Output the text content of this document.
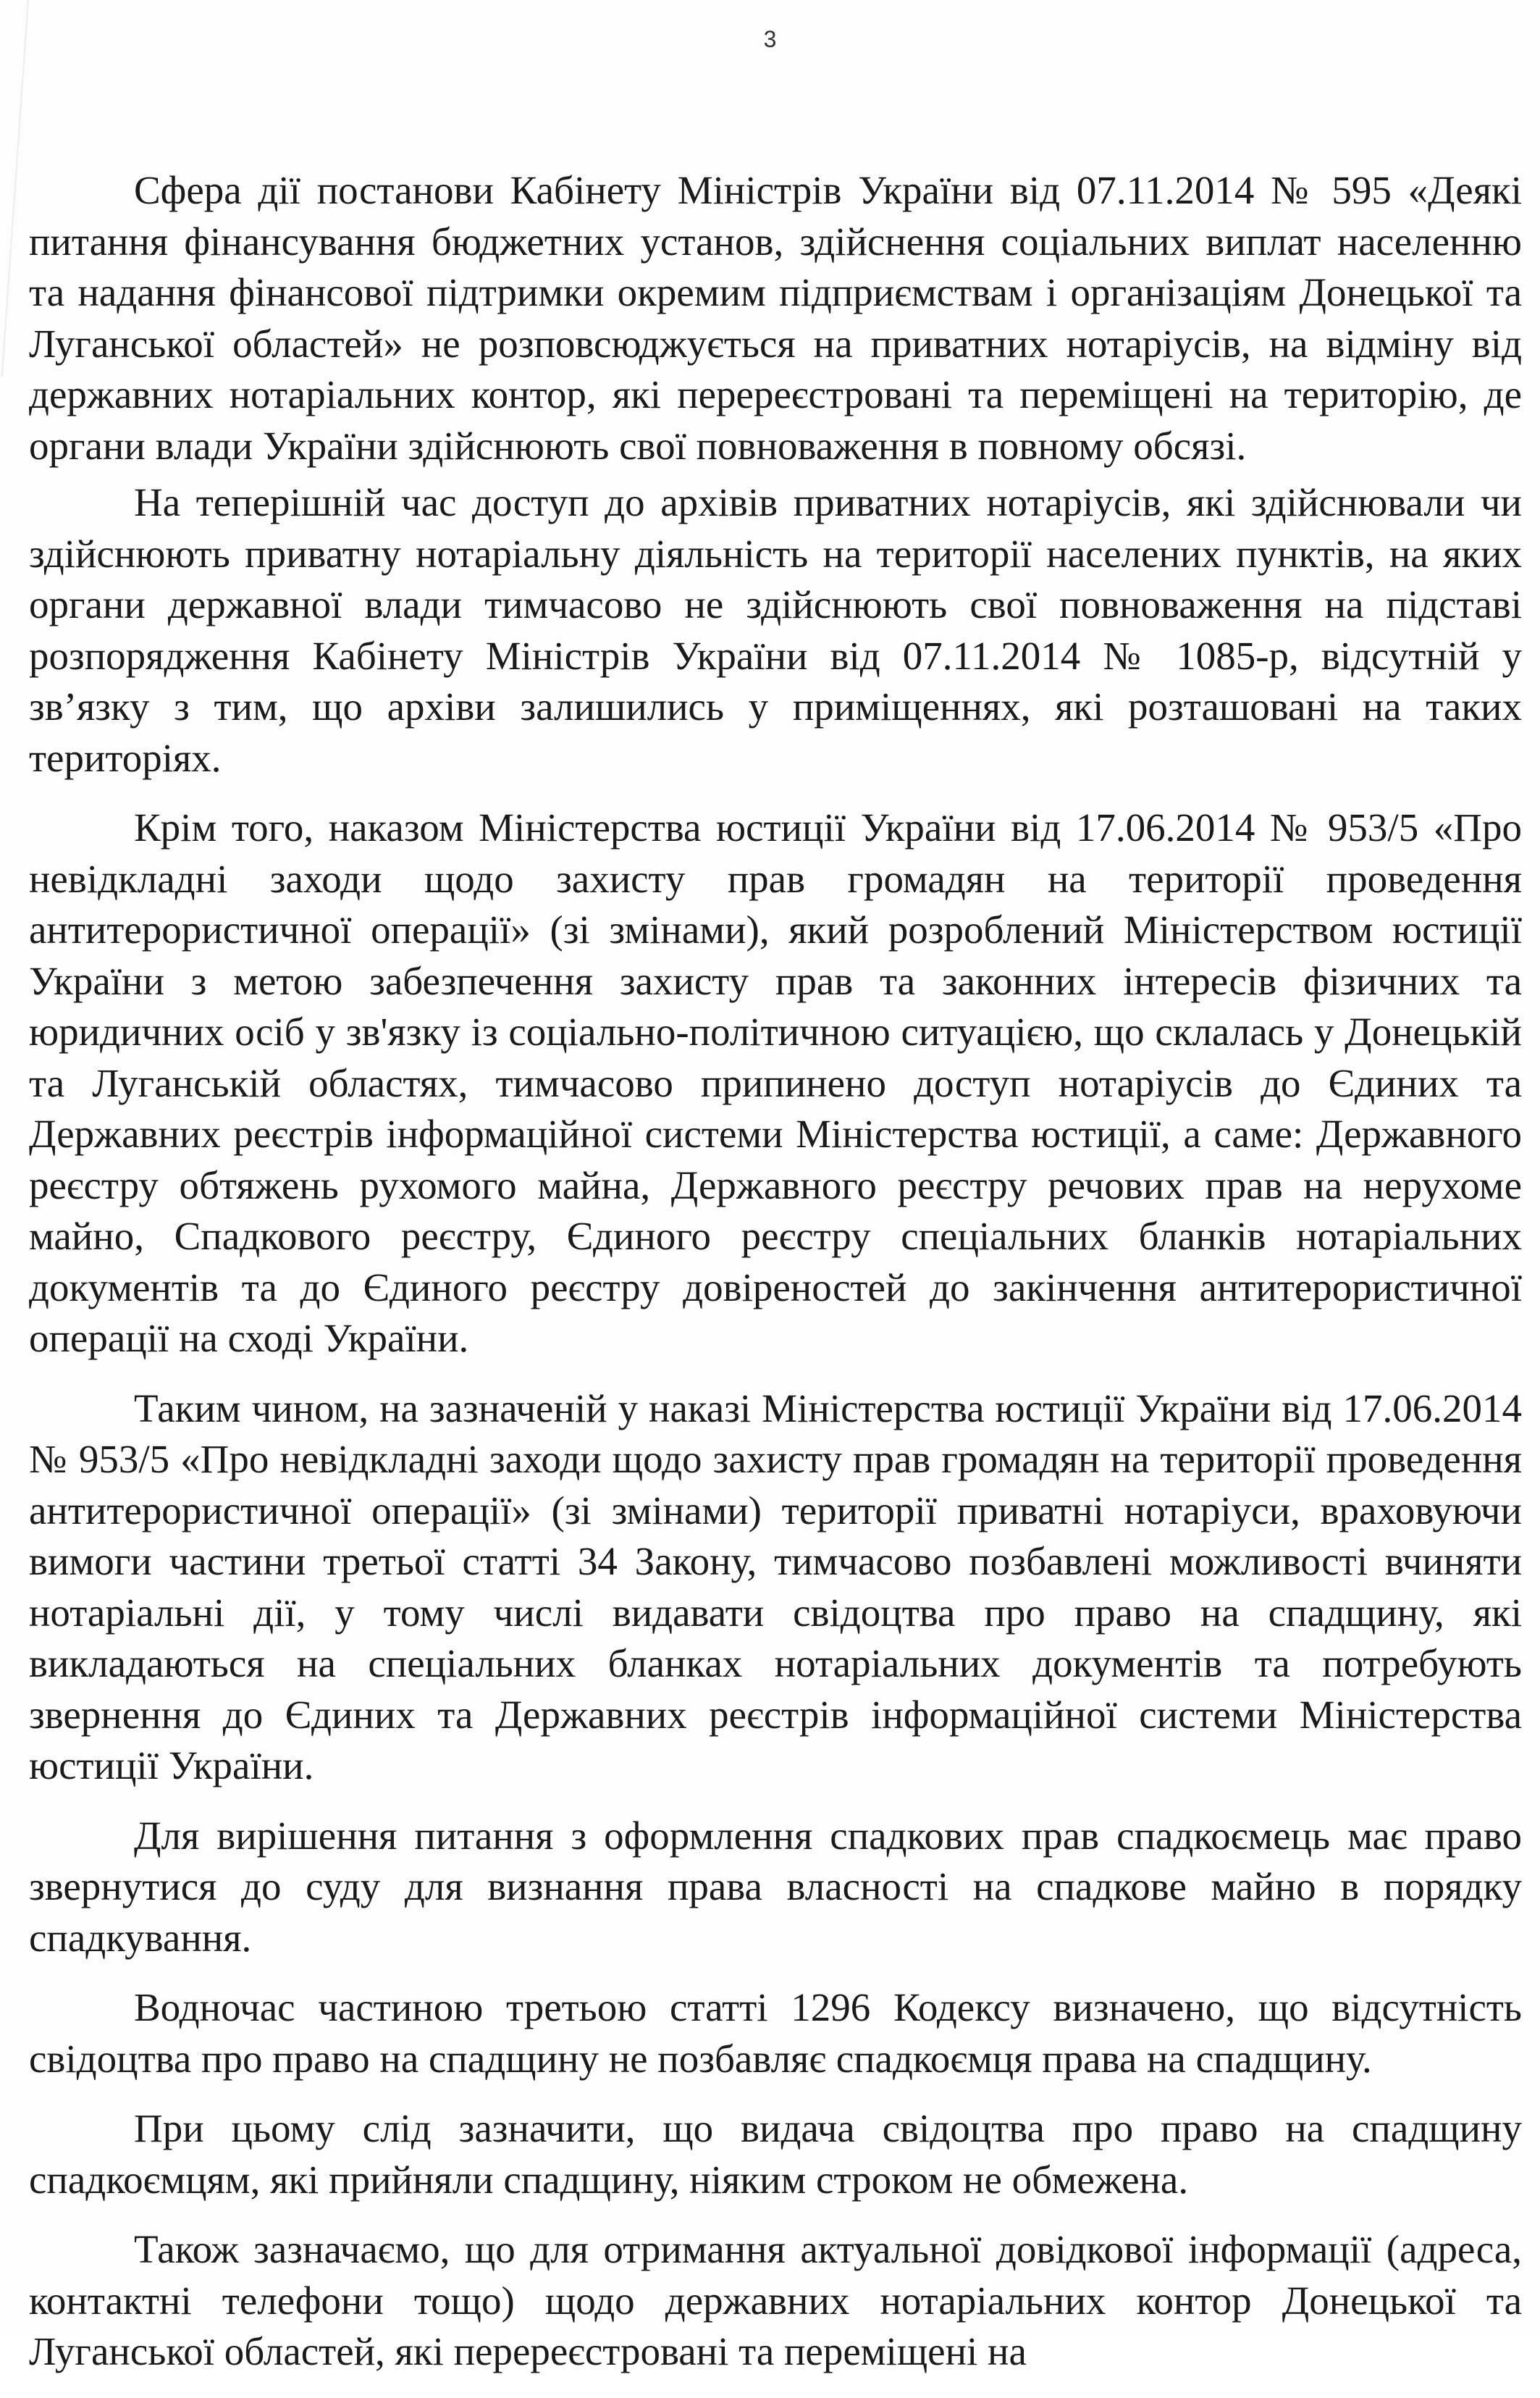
3

Сфера дії постанови Кабінету Міністрів України від 07.11.2014 № 595 «Деякі питання фінансування бюджетних установ, здійснення соціальних виплат населенню та надання фінансової підтримки окремим підприємствам і організаціям Донецької та Луганської областей» не розповсюджується на приватних нотаріусів, на відміну від державних нотаріальних контор, які перереєстровані та переміщені на територію, де органи влади України здійснюють свої повноваження в повному обсязі.

На теперішній час доступ до архівів приватних нотаріусів, які здійснювали чи здійснюють приватну нотаріальну діяльність на території населених пунктів, на яких органи державної влади тимчасово не здійснюють свої повноваження на підставі розпорядження Кабінету Міністрів України від 07.11.2014 № 1085-р, відсутній у зв’язку з тим, що архіви залишились у приміщеннях, які розташовані на таких територіях.

Крім того, наказом Міністерства юстиції України від 17.06.2014 № 953/5 «Про невідкладні заходи щодо захисту прав громадян на території проведення антитерористичної операції» (зі змінами), який розроблений Міністерством юстиції України з метою забезпечення захисту прав та законних інтересів фізичних та юридичних осіб у зв'язку із соціально-політичною ситуацією, що склалась у Донецькій та Луганській областях, тимчасово припинено доступ нотаріусів до Єдиних та Державних реєстрів інформаційної системи Міністерства юстиції, а саме: Державного реєстру обтяжень рухомого майна, Державного реєстру речових прав на нерухоме майно, Спадкового реєстру, Єдиного реєстру спеціальних бланків нотаріальних документів та до Єдиного реєстру довіреностей до закінчення антитерористичної операції на сході України.

Таким чином, на зазначеній у наказі Міністерства юстиції України від 17.06.2014 № 953/5 «Про невідкладні заходи щодо захисту прав громадян на території проведення антитерористичної операції» (зі змінами) території приватні нотаріуси, враховуючи вимоги частини третьої статті 34 Закону, тимчасово позбавлені можливості вчиняти нотаріальні дії, у тому числі видавати свідоцтва про право на спадщину, які викладаються на спеціальних бланках нотаріальних документів та потребують звернення до Єдиних та Державних реєстрів інформаційної системи Міністерства юстиції України.

Для вирішення питання з оформлення спадкових прав спадкоємець має право звернутися до суду для визнання права власності на спадкове майно в порядку спадкування.

Водночас частиною третьою статті 1296 Кодексу визначено, що відсутність свідоцтва про право на спадщину не позбавляє спадкоємця права на спадщину.

При цьому слід зазначити, що видача свідоцтва про право на спадщину спадкоємцям, які прийняли спадщину, ніяким строком не обмежена.

Також зазначаємо, що для отримання актуальної довідкової інформації (адреса, контактні телефони тощо) щодо державних нотаріальних контор Донецької та Луганської областей, які перереєстровані та переміщені на
